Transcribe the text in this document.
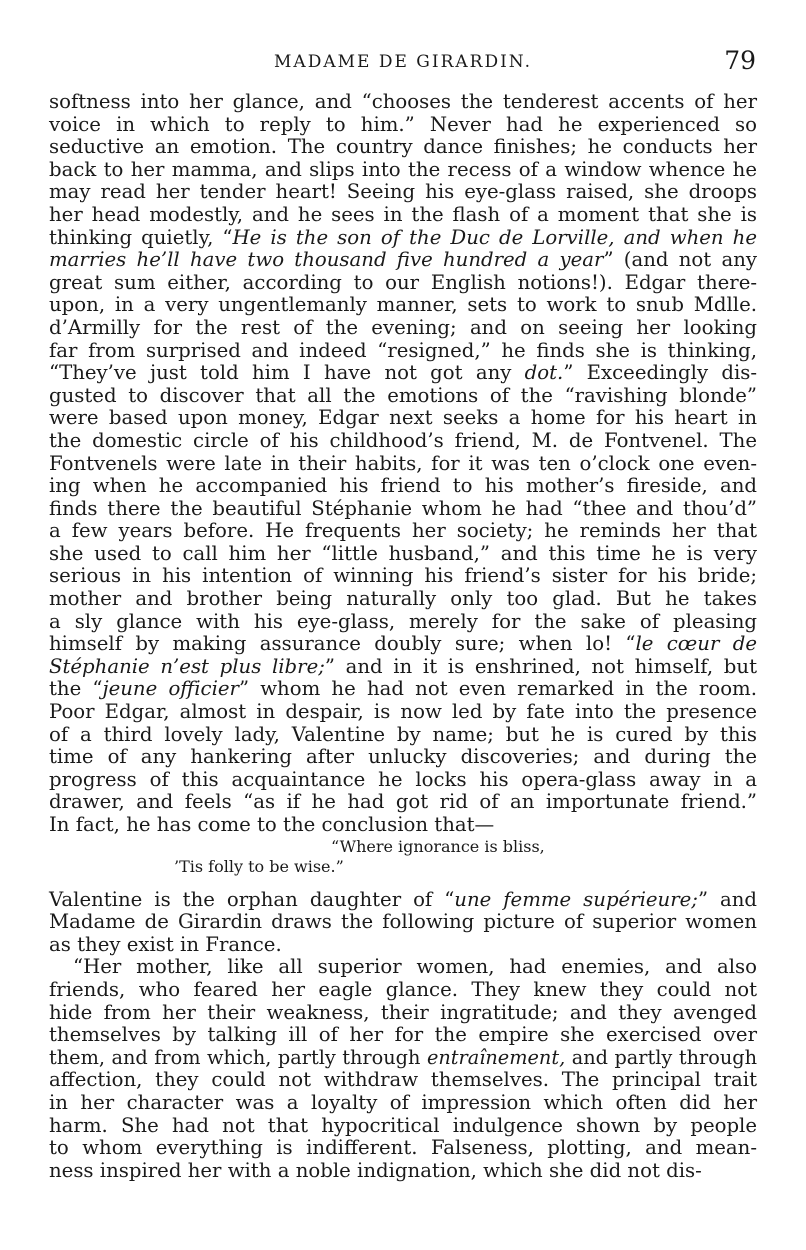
MADAME DE GIRARDIN.	79
softness into her glance, and “chooses the tenderest accents of her
voice in which to reply to him.” Never had he experienced so
seductive an emotion. The country dance finishes; he conducts her
back to her mamma, and slips into the recess of a window whence he
may read her tender heart! Seeing his eye-glass raised, she droops
her head modestly, and he sees in the flash of a moment that she is
thinking quietly, “He is the son of the Duc de Lorville, and when he
marries he’ll have two thousand five hundred a year” (and not any
great sum either, according to our English notions!). Edgar there-
upon, in a very ungentlemanly manner, sets to work to snub Mdlle.
d’Armilly for the rest of the evening; and on seeing her looking
far from surprised and indeed “resigned,” he finds she is thinking,
“They’ve just told him I have not got any dot.” Exceedingly dis-
gusted to discover that all the emotions of the “ravishing blonde”
were based upon money, Edgar next seeks a home for his heart in
the domestic circle of his childhood’s friend, M. de Fontvenel. The
Fontvenels were late in their habits, for it was ten o’clock one even-
ing when he accompanied his friend to his mother’s fireside, and
finds there the beautiful Stéphanie whom he had “thee and thou’d”
a few years before. He frequents her society; he reminds her that
she used to call him her “little husband,” and this time he is very
serious in his intention of winning his friend’s sister for his bride;
mother and brother being naturally only too glad. But he takes
a sly glance with his eye-glass, merely for the sake of pleasing
himself by making assurance doubly sure; when lo! “le cœur de
Stéphanie n’est plus libre;” and in it is enshrined, not himself, but
the “jeune officier” whom he had not even remarked in the room.
Poor Edgar, almost in despair, is now led by fate into the presence
of a third lovely lady, Valentine by name; but he is cured by this
time of any hankering after unlucky discoveries; and during the
progress of this acquaintance he locks his opera-glass away in a
drawer, and feels “as if he had got rid of an importunate friend.”
In fact, he has come to the conclusion that—
“Where ignorance is bliss,
’Tis folly to be wise.”
Valentine is the orphan daughter of “une femme supérieure;” and
Madame de Girardin draws the following picture of superior women
as they exist in France.
“Her mother, like all superior women, had enemies, and also
friends, who feared her eagle glance. They knew they could not
hide from her their weakness, their ingratitude; and they avenged
themselves by talking ill of her for the empire she exercised over
them, and from which, partly through entraînement, and partly through
affection, they could not withdraw themselves. The principal trait
in her character was a loyalty of impression which often did her
harm. She had not that hypocritical indulgence shown by people
to whom everything is indifferent. Falseness, plotting, and mean-
ness inspired her with a noble indignation, which she did not dis-
